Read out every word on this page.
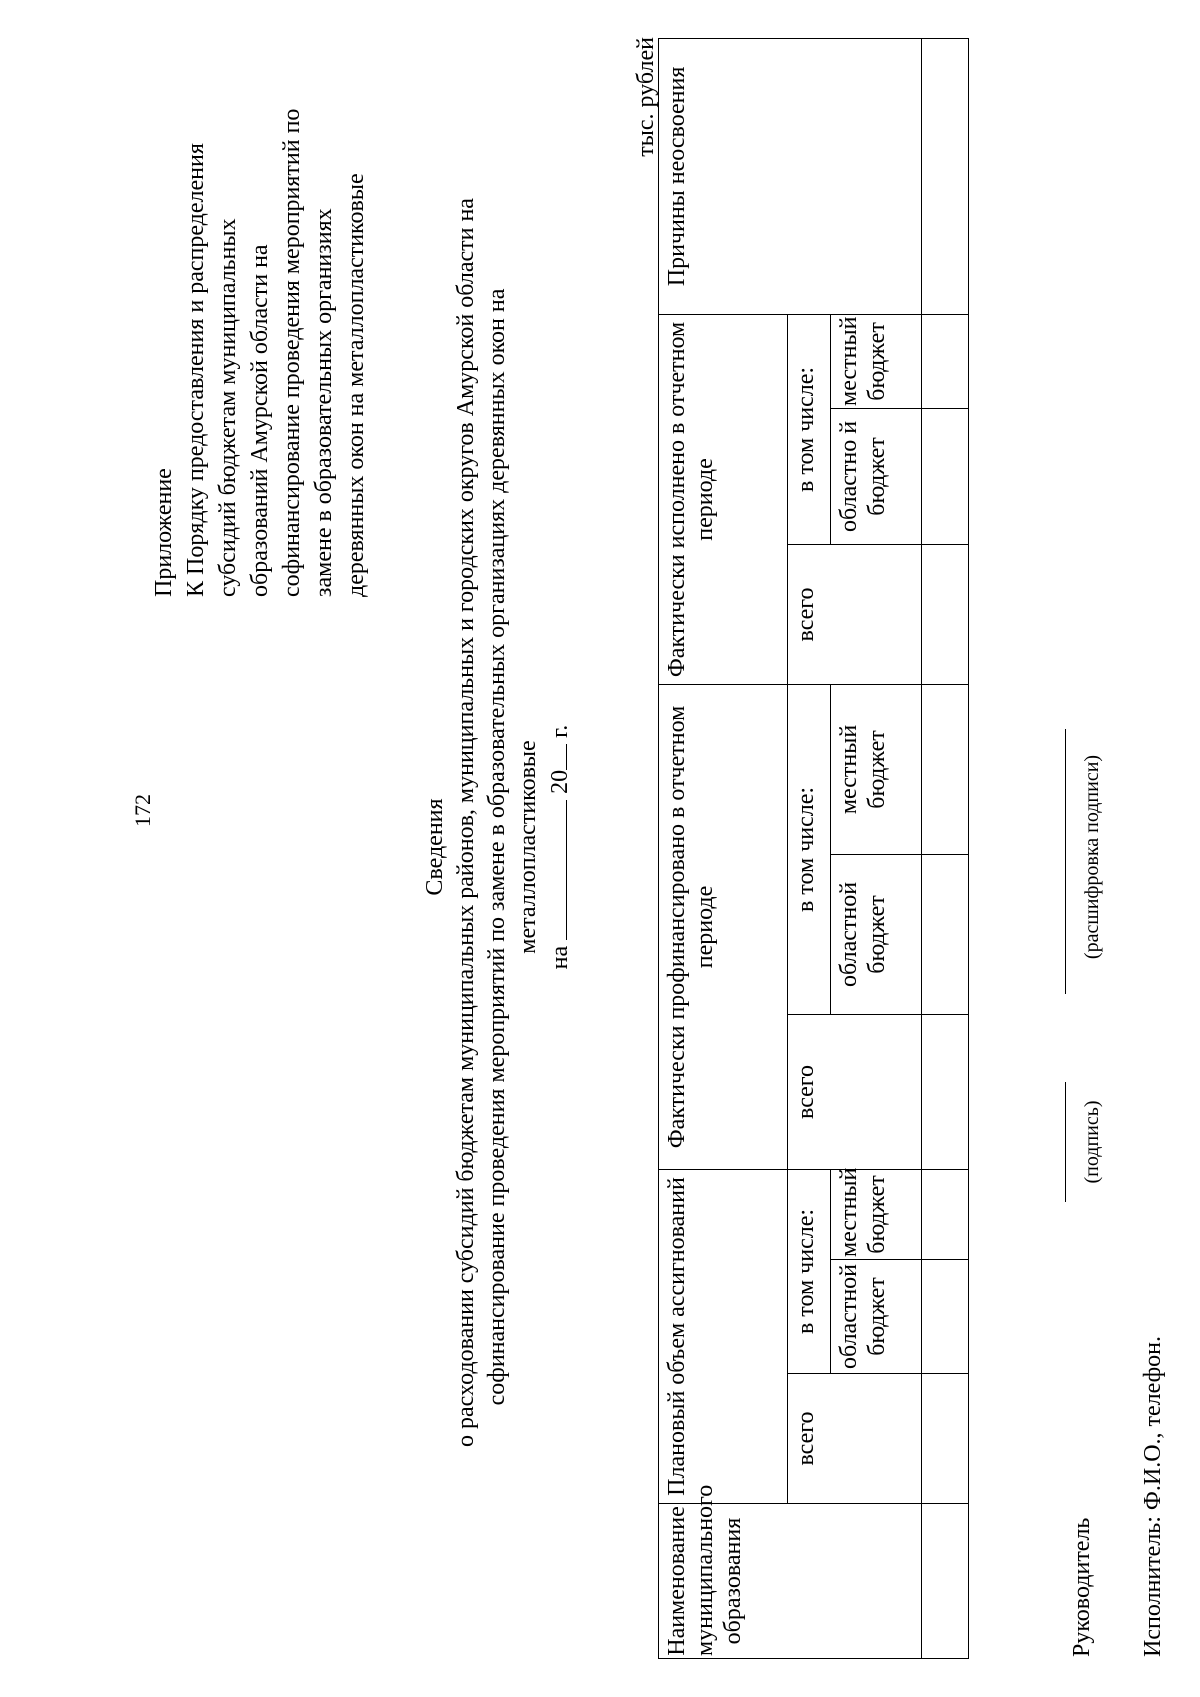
172
Приложение К Порядку предоставления и распределения субсидий бюджетам муниципальных образований Амурской области на софинансирование проведения мероприятий по замене в образовательных организиях деревянных окон на металлопластиковые
Сведения о расходовании субсидий бюджетам муниципальных районов, муниципальных и городских округов Амурской области на софинансирование проведения мероприятий по замене в образовательных организациях деревянных окон на металлопластиковые
на  20 г.
тыс. рублей
Наименование муниципального образования	Плановый объем ассигнований			Фактически профинансировано в отчетном периоде			Фактически исполнено в отчетном периоде			Причины неосвоения
	всего	в том числе:		всего	в том числе:		всего	в том числе:		
		областной бюджет	местный бюджет		областной бюджет	местный бюджет		областно й бюджет	местный бюджет	

Руководитель
(подпись)
(расшифровка подписи)
Исполнитель: Ф.И.О., телефон.
